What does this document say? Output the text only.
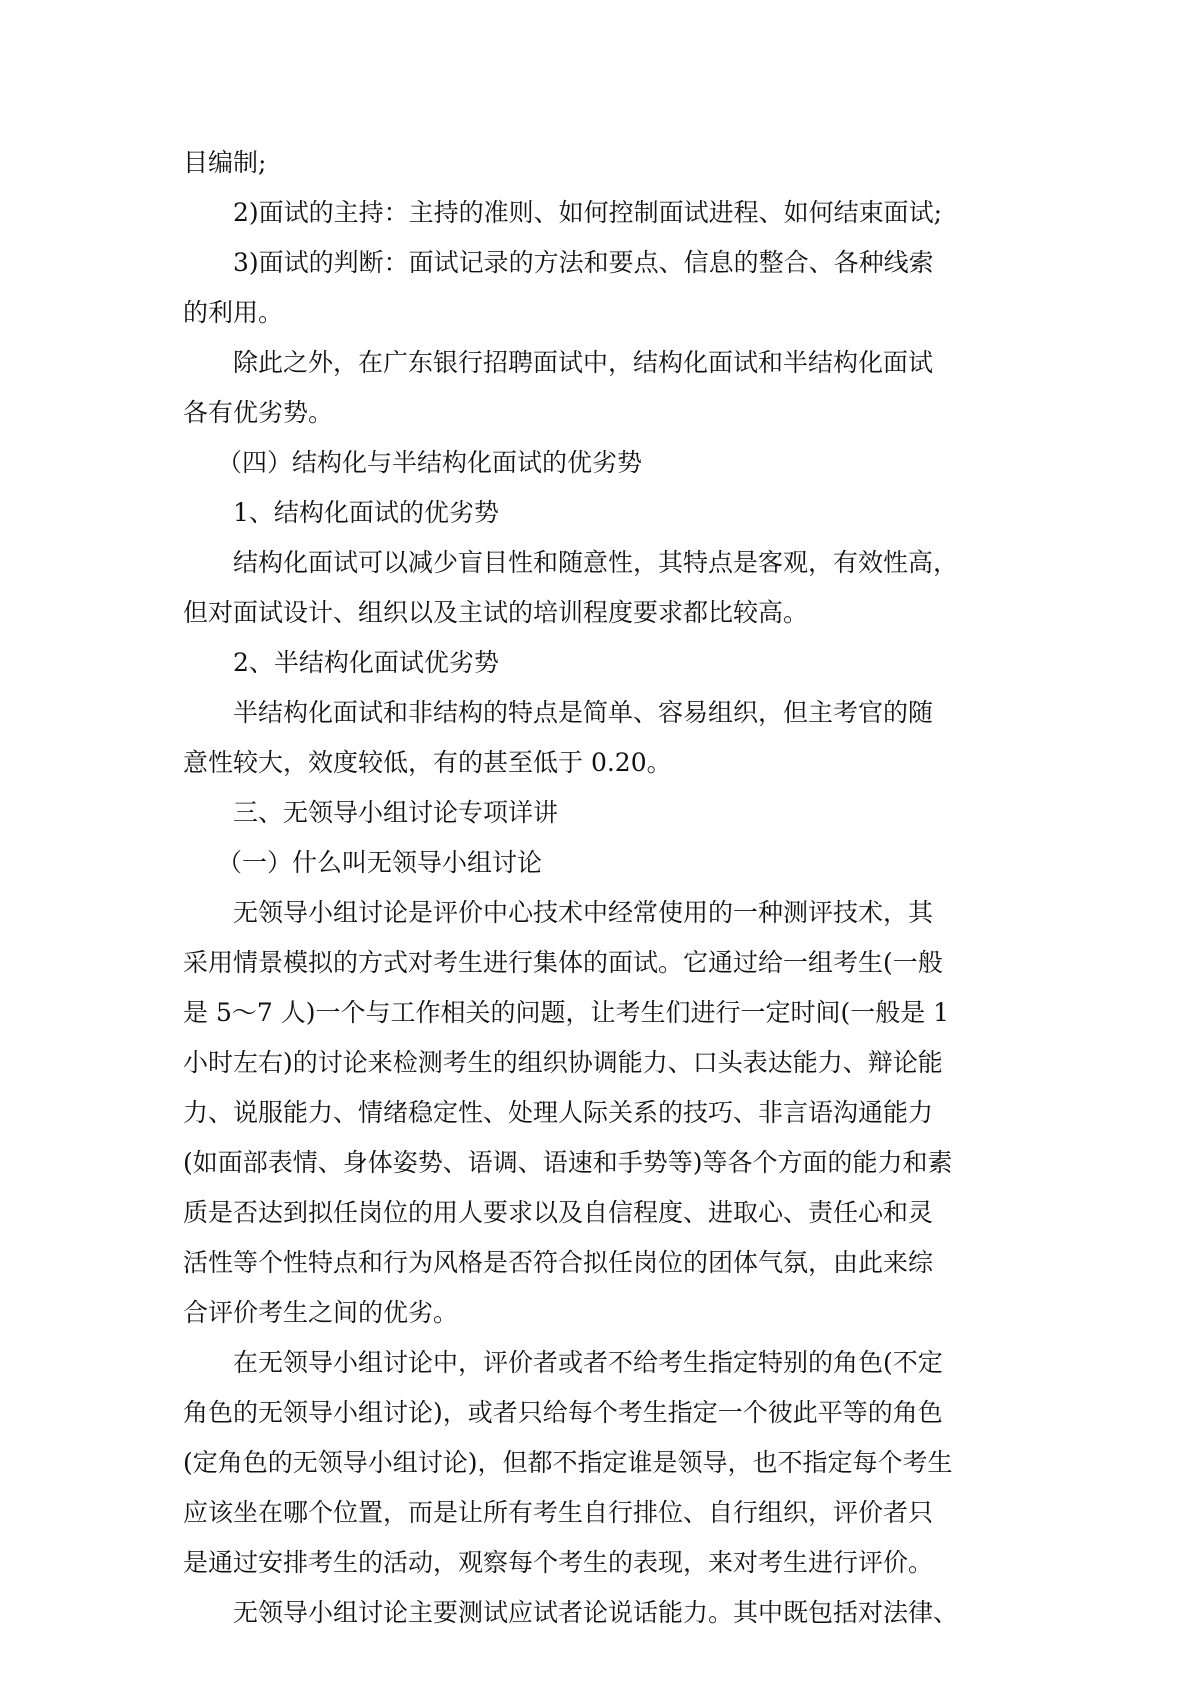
目编制;
2)面试的主持：主持的准则、如何控制面试进程、如何结束面试;
3)面试的判断：面试记录的方法和要点、信息的整合、各种线索
的利用。
除此之外，在广东银行招聘面试中，结构化面试和半结构化面试
各有优劣势。
（四）结构化与半结构化面试的优劣势
1、结构化面试的优劣势
结构化面试可以减少盲目性和随意性，其特点是客观，有效性高，
但对面试设计、组织以及主试的培训程度要求都比较高。
2、半结构化面试优劣势
半结构化面试和非结构的特点是简单、容易组织，但主考官的随
意性较大，效度较低，有的甚至低于 0.20。
三、无领导小组讨论专项详讲
（一）什么叫无领导小组讨论
无领导小组讨论是评价中心技术中经常使用的一种测评技术，其
采用情景模拟的方式对考生进行集体的面试。它通过给一组考生(一般
是 5～7 人)一个与工作相关的问题，让考生们进行一定时间(一般是 1
小时左右)的讨论来检测考生的组织协调能力、口头表达能力、辩论能
力、说服能力、情绪稳定性、处理人际关系的技巧、非言语沟通能力
(如面部表情、身体姿势、语调、语速和手势等)等各个方面的能力和素
质是否达到拟任岗位的用人要求以及自信程度、进取心、责任心和灵
活性等个性特点和行为风格是否符合拟任岗位的团体气氛，由此来综
合评价考生之间的优劣。
在无领导小组讨论中，评价者或者不给考生指定特别的角色(不定
角色的无领导小组讨论)，或者只给每个考生指定一个彼此平等的角色
(定角色的无领导小组讨论)，但都不指定谁是领导，也不指定每个考生
应该坐在哪个位置，而是让所有考生自行排位、自行组织，评价者只
是通过安排考生的活动，观察每个考生的表现，来对考生进行评价。
无领导小组讨论主要测试应试者论说话能力。其中既包括对法律、
